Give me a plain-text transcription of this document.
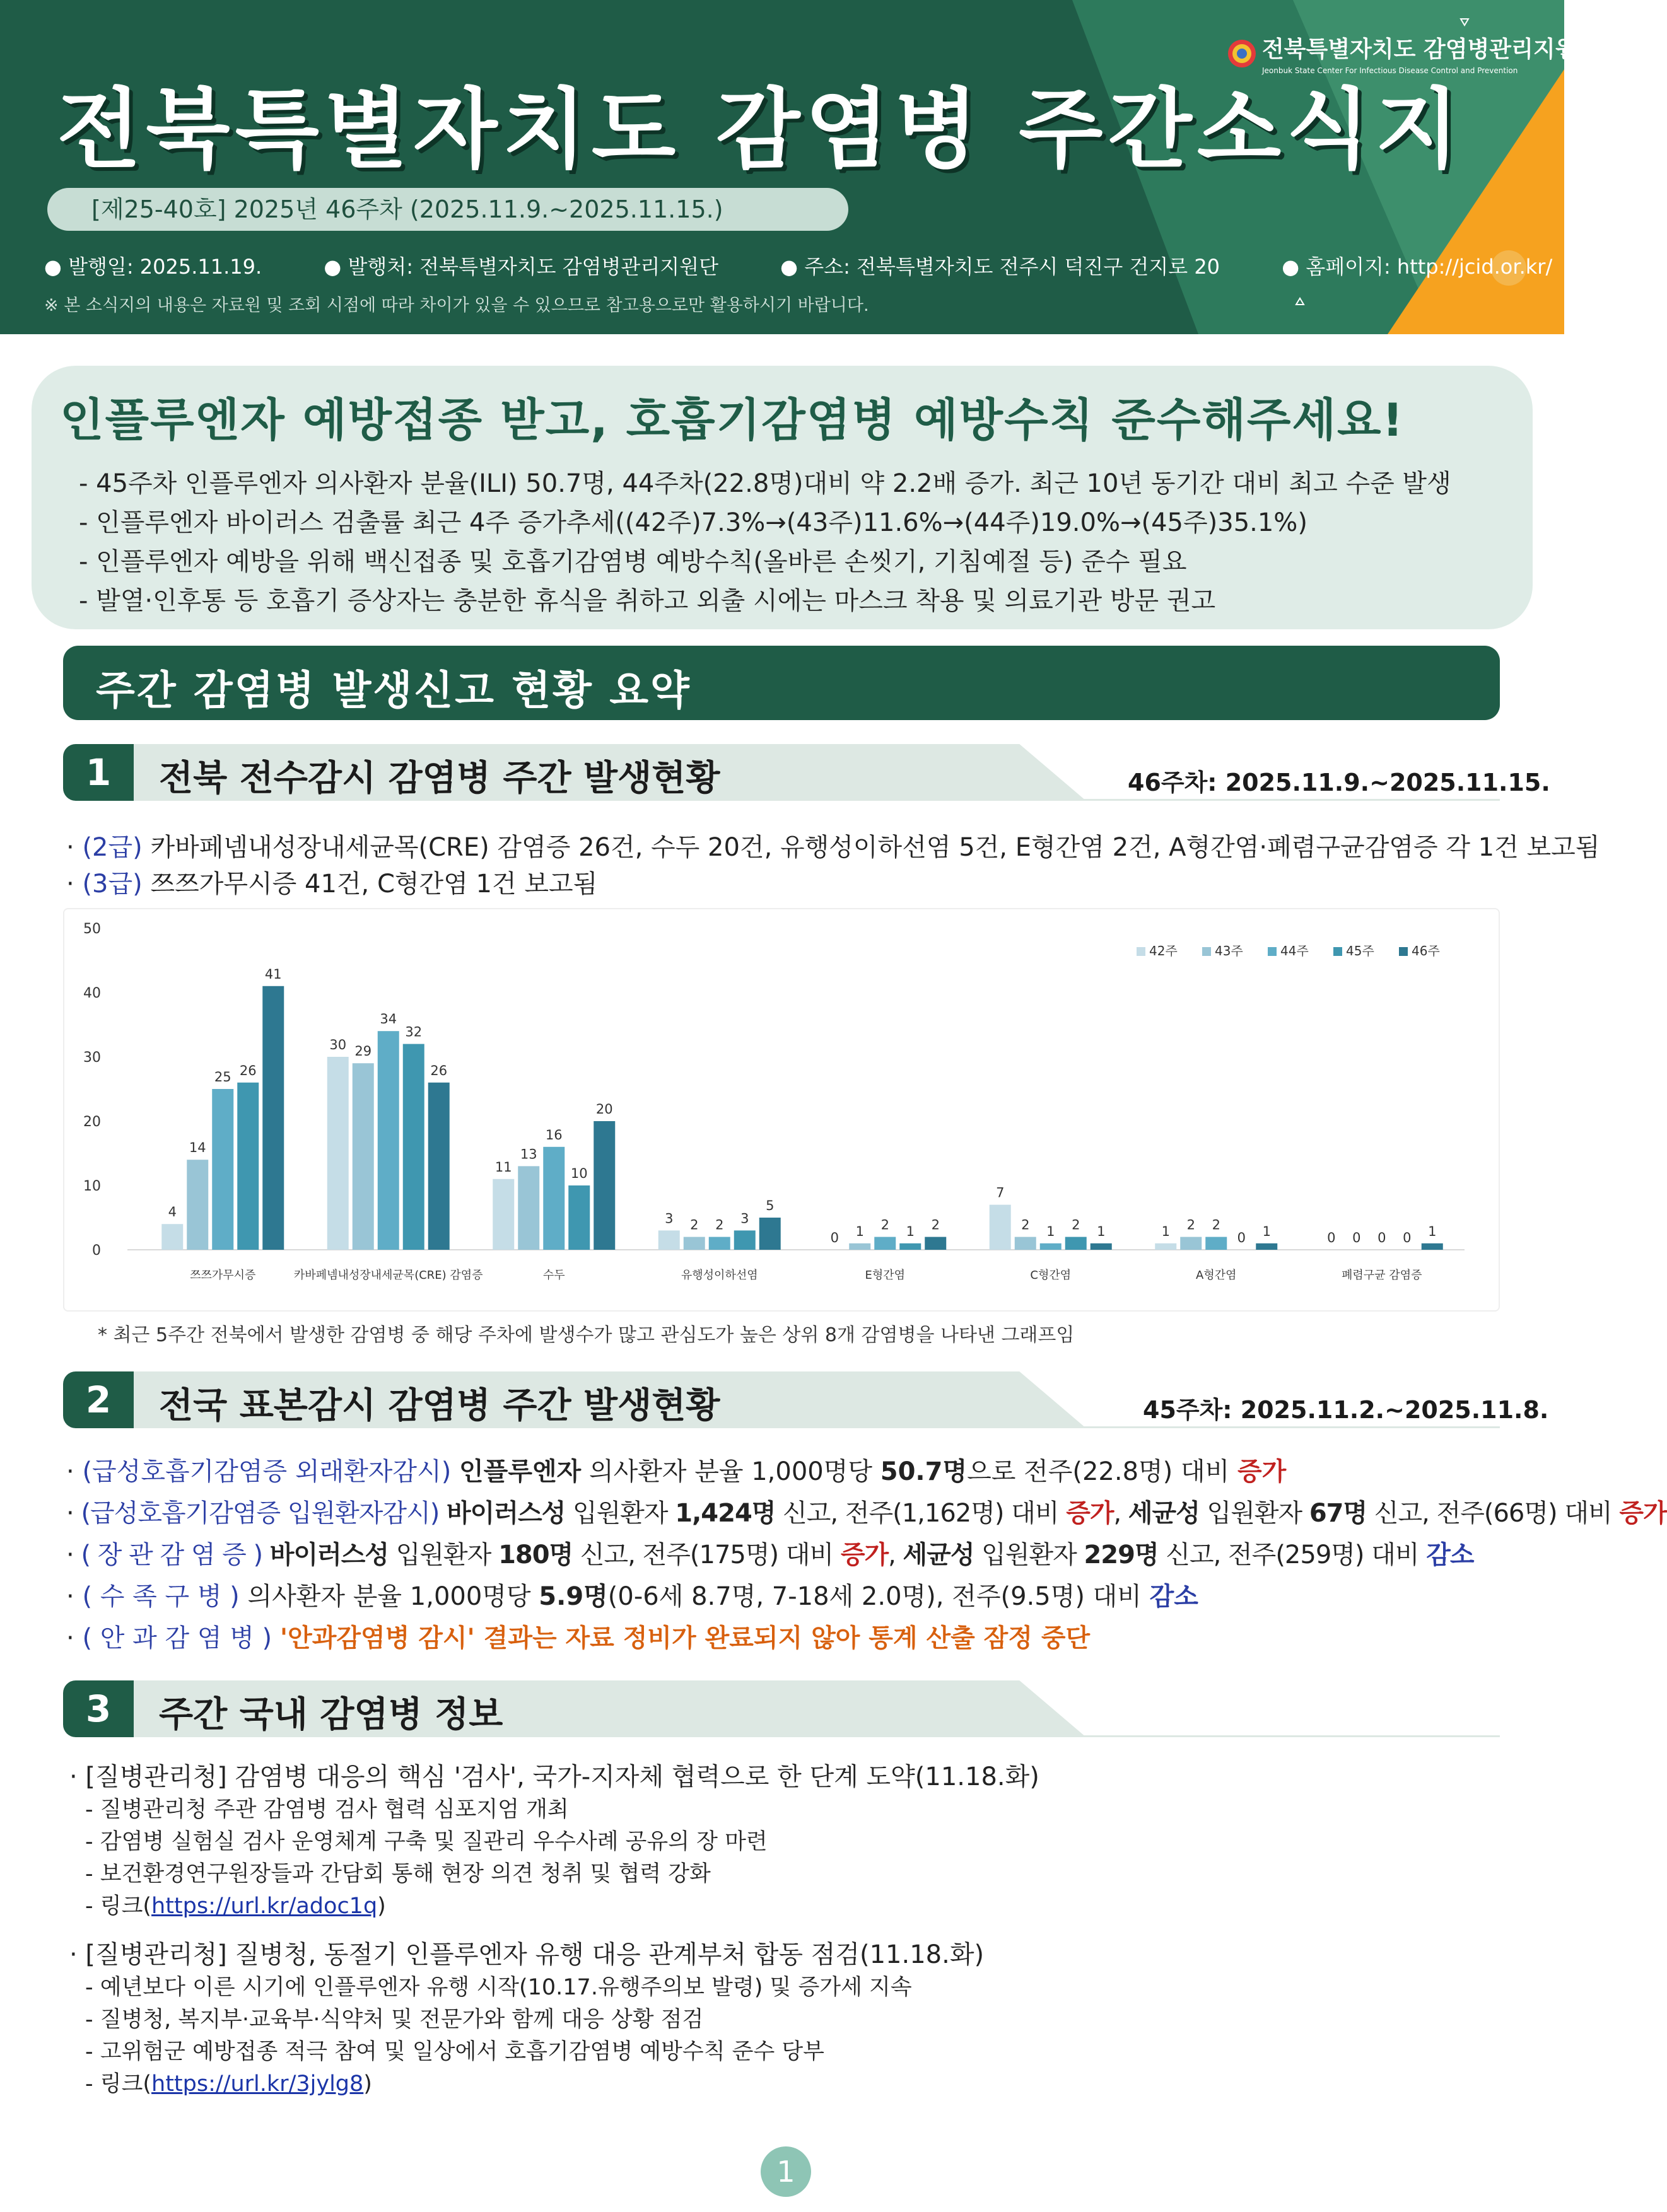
전북특별자치도 감염병 주간소식지
[제25-40호] 2025년 46주차 (2025.11.9.~2025.11.15.)
● 발행일: 2025.11.19.	● 발행처: 전북특별자치도 감염병관리지원단	● 주소: 전북특별자치도 전주시 덕진구 건지로 20	● 홈페이지: http://jcid.or.kr/
※ 본 소식지의 내용은 자료원 및 조회 시점에 따라 차이가 있을 수 있으므로 참고용으로만 활용하시기 바랍니다.
전북특별자치도 감염병관리지원단
Jeonbuk State Center For Infectious Disease Control and Prevention
인플루엔자 예방접종 받고, 호흡기감염병 예방수칙 준수해주세요!
- 45주차 인플루엔자 의사환자 분율(ILI) 50.7명, 44주차(22.8명)대비 약 2.2배 증가. 최근 10년 동기간 대비 최고 수준 발생
- 인플루엔자 바이러스 검출률 최근 4주 증가추세((42주)7.3%→(43주)11.6%→(44주)19.0%→(45주)35.1%)
- 인플루엔자 예방을 위해 백신접종 및 호흡기감염병 예방수칙(올바른 손씻기, 기침예절 등) 준수 필요
- 발열·인후통 등 호흡기 증상자는 충분한 휴식을 취하고 외출 시에는 마스크 착용 및 의료기관 방문 권고
주간 감염병 발생신고 현황 요약
1	전북 전수감시 감염병 주간 발생현황	46주차: 2025.11.9.~2025.11.15.
· (2급) 카바페넴내성장내세균목(CRE) 감염증 26건, 수두 20건, 유행성이하선염 5건, E형간염 2건, A형간염·폐렴구균감염증 각 1건 보고됨
· (3급) 쯔쯔가무시증 41건, C형간염 1건 보고됨
0
10
20
30
40
50
4
14
25 26
41
쯔쯔가무시증
30 29
34
32
26
카바페넴내성장내세균목(CRE) 감염증
11
13
16
10
20
수두
3 2 2 3
5
유행성이하선염
0 1 2 1 2
E형간염
7
2 1 2 1
C형간염
1 2 2
0 1
A형간염
0 0 0 0 1
폐렴구균 감염증
42주	43주	44주	45주	46주
* 최근 5주간 전북에서 발생한 감염병 중 해당 주차에 발생수가 많고 관심도가 높은 상위 8개 감염병을 나타낸 그래프임
2	전국 표본감시 감염병 주간 발생현황	45주차: 2025.11.2.~2025.11.8.
· (급성호흡기감염증 외래환자감시) 인플루엔자 의사환자 분율 1,000명당 50.7명으로 전주(22.8명) 대비 증가
· (급성호흡기감염증 입원환자감시) 바이러스성 입원환자 1,424명 신고, 전주(1,162명) 대비 증가, 세균성 입원환자 67명 신고, 전주(66명) 대비 증가
· ( 장 관 감 염 증 ) 바이러스성 입원환자 180명 신고, 전주(175명) 대비 증가, 세균성 입원환자 229명 신고, 전주(259명) 대비 감소
· ( 수 족 구 병 ) 의사환자 분율 1,000명당 5.9명(0-6세 8.7명, 7-18세 2.0명), 전주(9.5명) 대비 감소
· ( 안 과 감 염 병 ) '안과감염병 감시' 결과는 자료 정비가 완료되지 않아 통계 산출 잠정 중단
3	주간 국내 감염병 정보
· [질병관리청] 감염병 대응의 핵심 '검사', 국가-지자체 협력으로 한 단계 도약(11.18.화)
- 질병관리청 주관 감염병 검사 협력 심포지엄 개최
- 감염병 실험실 검사 운영체계 구축 및 질관리 우수사례 공유의 장 마련
- 보건환경연구원장들과 간담회 통해 현장 의견 청취 및 협력 강화
- 링크(https://url.kr/adoc1q)
· [질병관리청] 질병청, 동절기 인플루엔자 유행 대응 관계부처 합동 점검(11.18.화)
- 예년보다 이른 시기에 인플루엔자 유행 시작(10.17.유행주의보 발령) 및 증가세 지속
- 질병청, 복지부·교육부·식약처 및 전문가와 함께 대응 상황 점검
- 고위험군 예방접종 적극 참여 및 일상에서 호흡기감염병 예방수칙 준수 당부
- 링크(https://url.kr/3jylg8)
1
